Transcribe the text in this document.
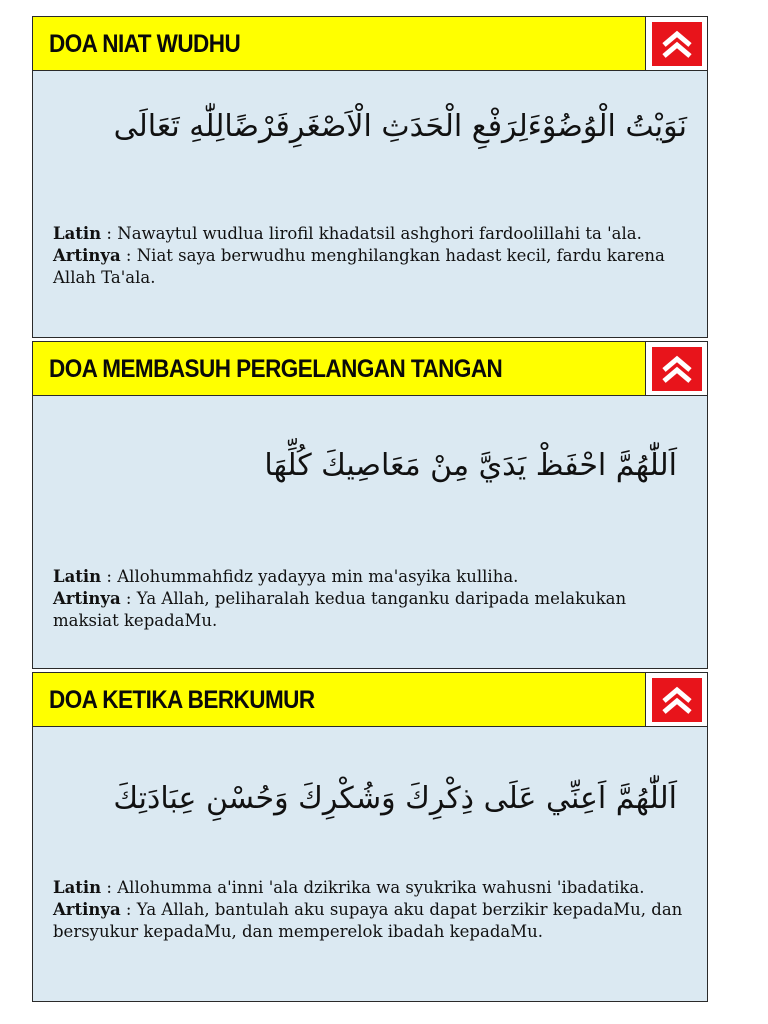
DOA NIAT WUDHU
نَوَيْتُ الْوُضُوْءَلِرَفْعِ الْحَدَثِ الْاَصْغَرِفَرْضًالِلّٰهِ تَعَالَى

Latin : Nawaytul wudlua lirofil khadatsil ashghori fardoolillahi ta 'ala.

Artinya : Niat saya berwudhu menghilangkan hadast kecil, fardu karena Allah Ta'ala.

DOA MEMBASUH PERGELANGAN TANGAN
اَللّٰهُمَّ احْفَظْ يَدَيَّ مِنْ مَعَاصِيكَ كُلِّهَا

Latin : Allohummahfidz yadayya min ma'asyika kulliha.

Artinya : Ya Allah, peliharalah kedua tanganku daripada melakukan maksiat kepadaMu.

DOA KETIKA BERKUMUR
اَللّٰهُمَّ اَعِنِّي عَلَى ذِكْرِكَ وَشُكْرِكَ وَحُسْنِ عِبَادَتِكَ

Latin : Allohumma a'inni 'ala dzikrika wa syukrika wahusni 'ibadatika.

Artinya : Ya Allah, bantulah aku supaya aku dapat berzikir kepadaMu, dan bersyukur kepadaMu, dan memperelok ibadah kepadaMu.
